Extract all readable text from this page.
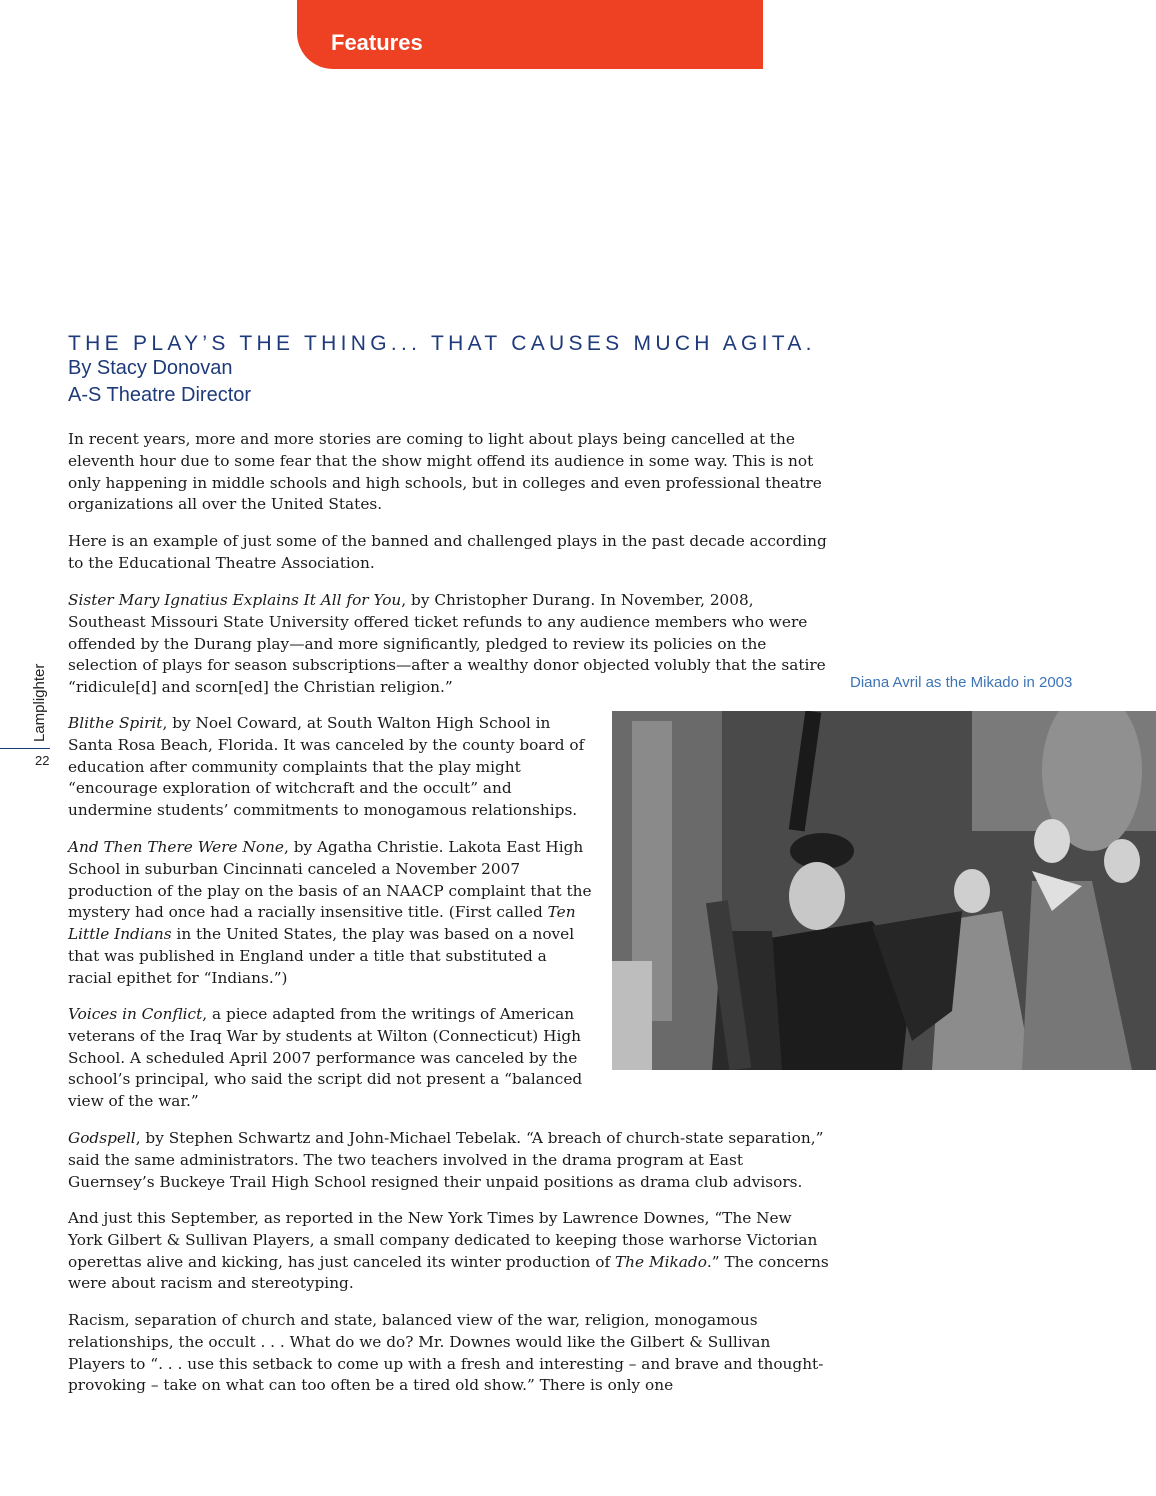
Features
Lamplighter
22
THE PLAY’S THE THING... THAT CAUSES MUCH AGITA.
By Stacy Donovan
A-S Theatre Director

In recent years, more and more stories are coming to light about plays being cancelled at the eleventh hour due to some fear that the show might offend its audience in some way. This is not only happening in middle schools and high schools, but in colleges and even professional theatre organizations all over the United States.

Here is an example of just some of the banned and challenged plays in the past decade according to the Educational Theatre Association.

Sister Mary Ignatius Explains It All for You, by Christopher Durang. In November, 2008, Southeast Missouri State University offered ticket refunds to any audience members who were offended by the Durang play—and more significantly, pledged to review its policies on the selection of plays for season subscriptions—after a wealthy donor objected volubly that the satire “ridicule[d] and scorn[ed] the Christian religion.”	Diana Avril as the Mikado in 2003

Blithe Spirit, by Noel Coward, at South Walton High School in Santa Rosa Beach, Florida. It was canceled by the county board of education after community complaints that the play might “encourage exploration of witchcraft and the occult” and undermine students’ commitments to monogamous relationships.

And Then There Were None, by Agatha Christie. Lakota East High School in suburban Cincinnati canceled a November 2007 production of the play on the basis of an NAACP complaint that the mystery had once had a racially insensitive title. (First called Ten Little Indians in the United States, the play was based on a novel that was published in England under a title that substituted a racial epithet for “Indians.”)

Voices in Conflict, a piece adapted from the writings of American veterans of the Iraq War by students at Wilton (Connecticut) High School. A scheduled April 2007 performance was canceled by the school’s principal, who said the script did not present a “balanced view of the war.”

Godspell, by Stephen Schwartz and John-Michael Tebelak. “A breach of church-state separation,” said the same administrators. The two teachers involved in the drama program at East Guernsey’s Buckeye Trail High School resigned their unpaid positions as drama club advisors.

And just this September, as reported in the New York Times by Lawrence Downes, “The New York Gilbert & Sullivan Players, a small company dedicated to keeping those warhorse Victorian operettas alive and kicking, has just canceled its winter production of The Mikado.” The concerns were about racism and stereotyping.

Racism, separation of church and state, balanced view of the war, religion, monogamous relationships, the occult . . . What do we do? Mr. Downes would like the Gilbert & Sullivan Players to “. . . use this setback to come up with a fresh and interesting – and brave and thought-provoking – take on what can too often be a tired old show.” There is only one
